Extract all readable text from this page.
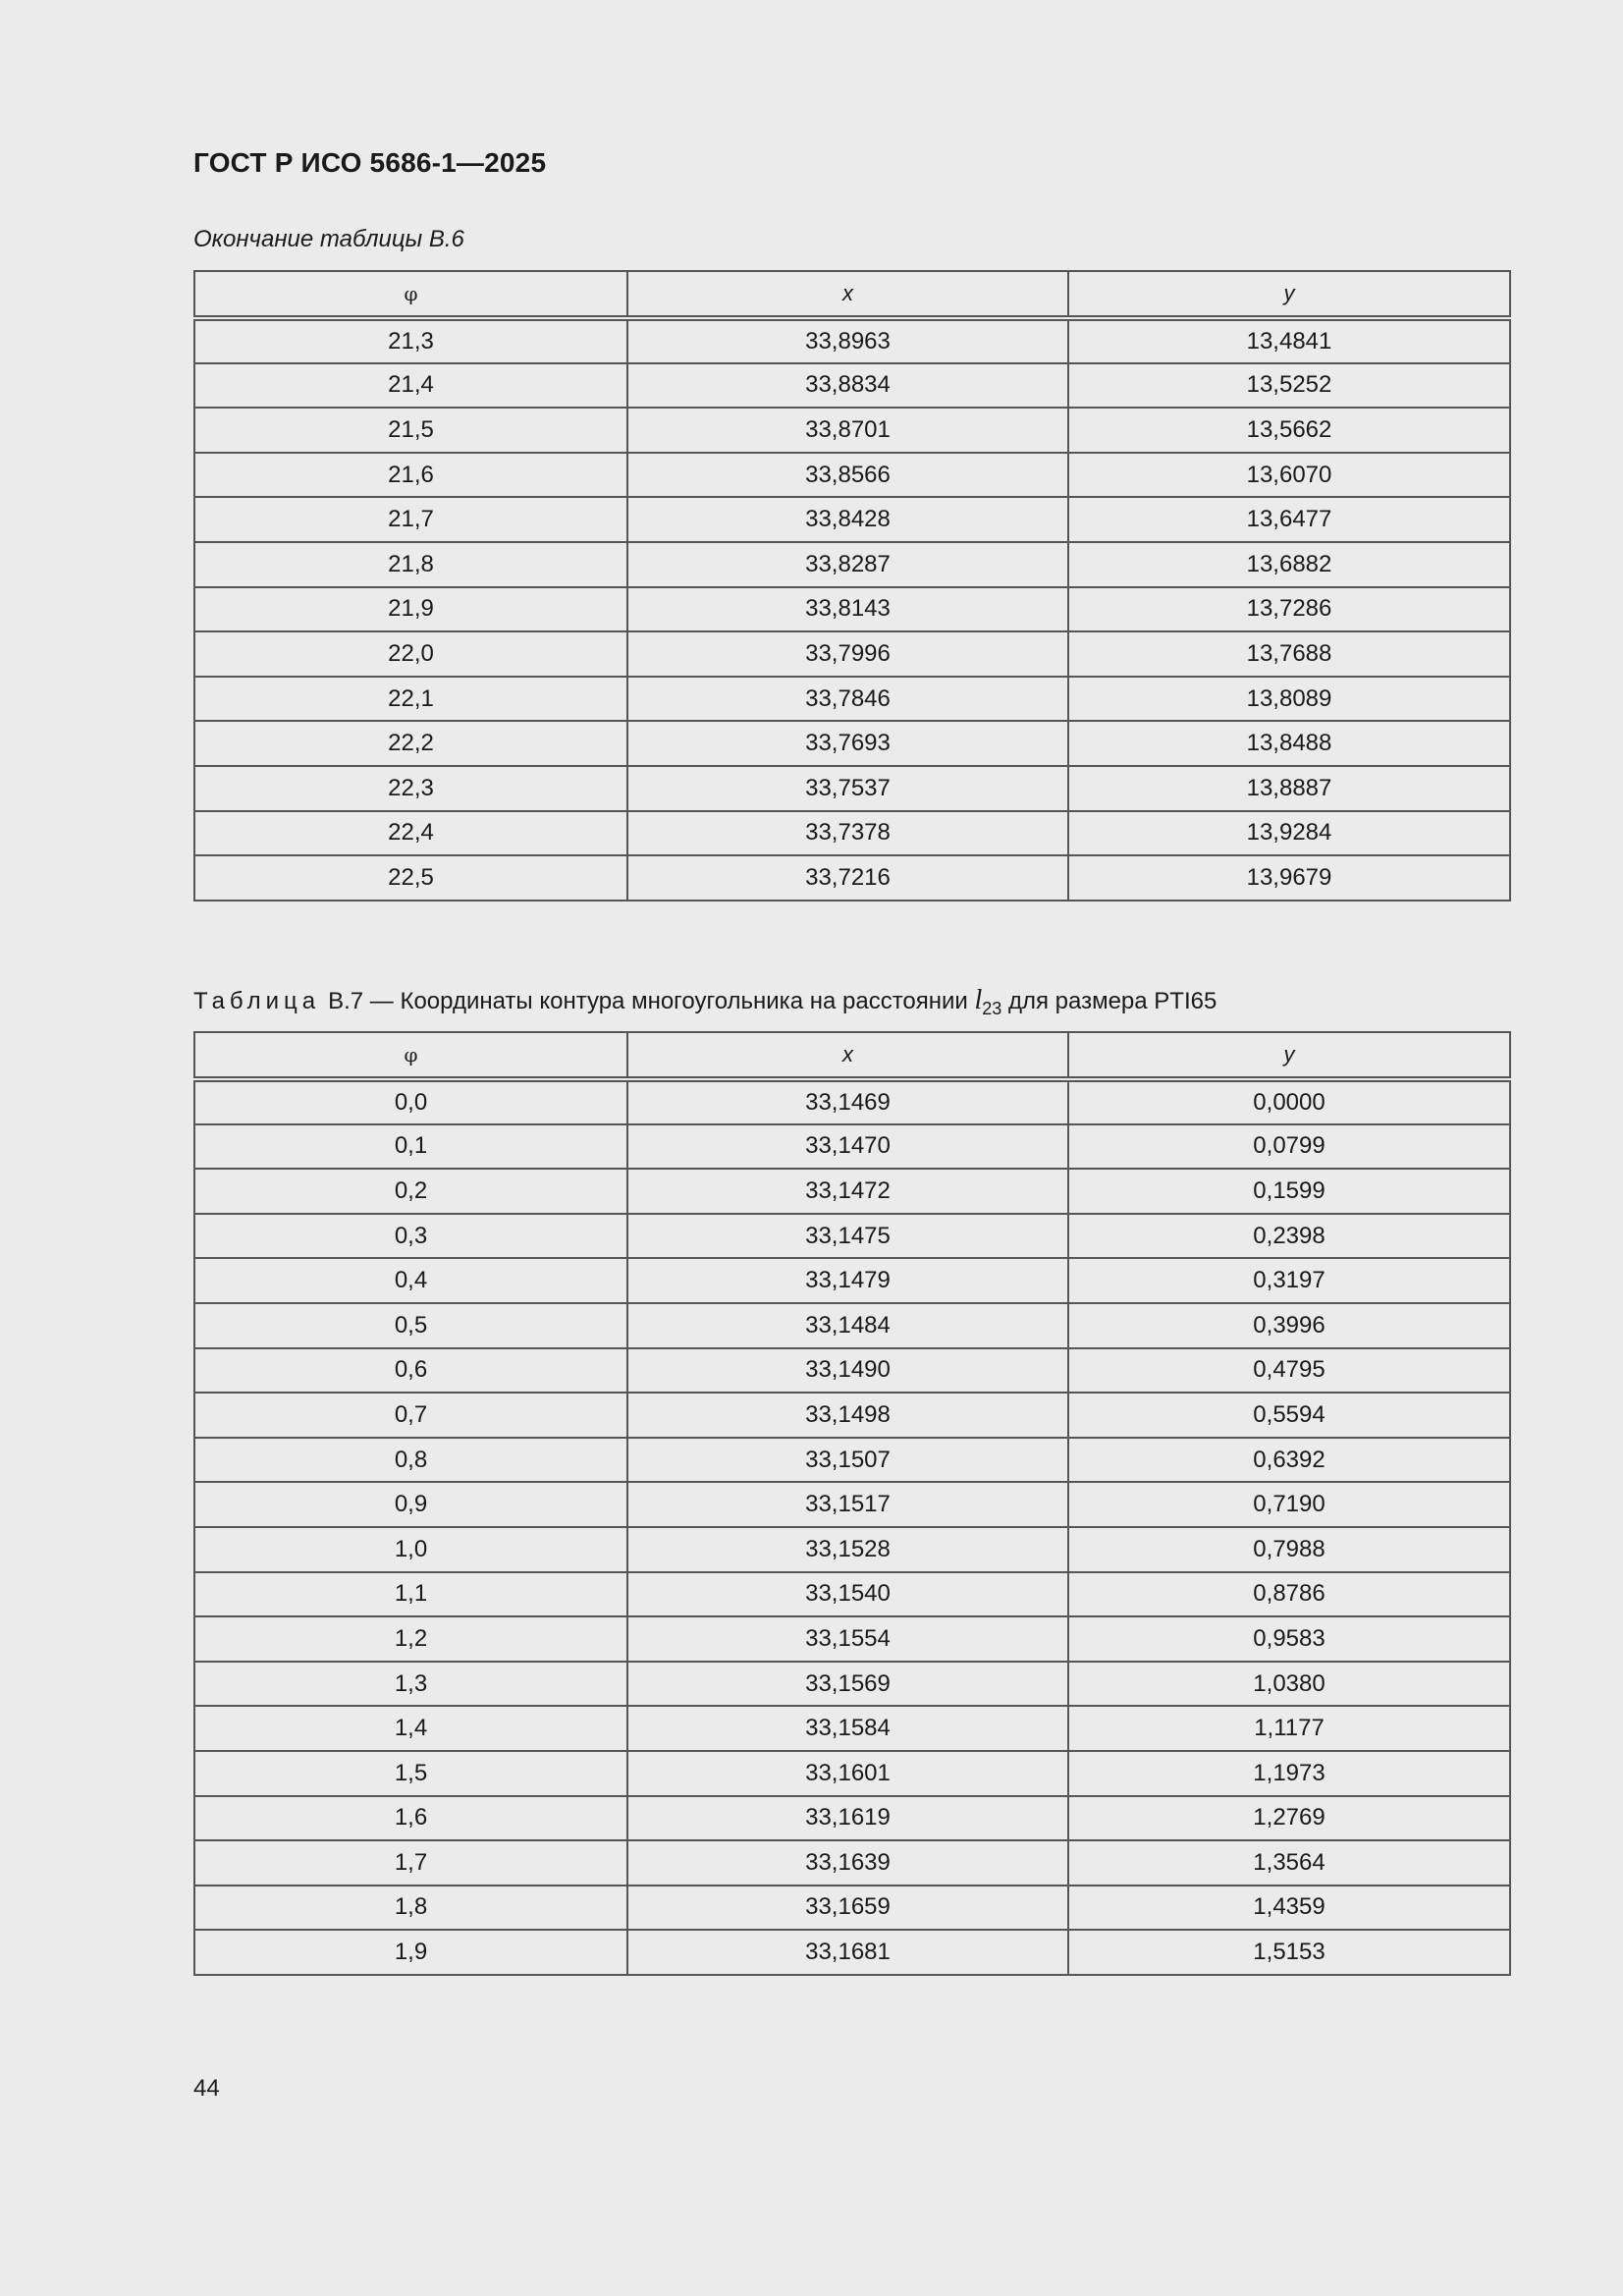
ГОСТ Р ИСО 5686-1—2025
Окончание таблицы В.6
φ	x	y
21,3	33,8963	13,4841
21,4	33,8834	13,5252
21,5	33,8701	13,5662
21,6	33,8566	13,6070
21,7	33,8428	13,6477
21,8	33,8287	13,6882
21,9	33,8143	13,7286
22,0	33,7996	13,7688
22,1	33,7846	13,8089
22,2	33,7693	13,8488
22,3	33,7537	13,8887
22,4	33,7378	13,9284
22,5	33,7216	13,9679
Таблица В.7 — Координаты контура многоугольника на расстоянии $l_{23}$ для размера PTI65
φ	x	y
0,0	33,1469	0,0000
0,1	33,1470	0,0799
0,2	33,1472	0,1599
0,3	33,1475	0,2398
0,4	33,1479	0,3197
0,5	33,1484	0,3996
0,6	33,1490	0,4795
0,7	33,1498	0,5594
0,8	33,1507	0,6392
0,9	33,1517	0,7190
1,0	33,1528	0,7988
1,1	33,1540	0,8786
1,2	33,1554	0,9583
1,3	33,1569	1,0380
1,4	33,1584	1,1177
1,5	33,1601	1,1973
1,6	33,1619	1,2769
1,7	33,1639	1,3564
1,8	33,1659	1,4359
1,9	33,1681	1,5153
44
